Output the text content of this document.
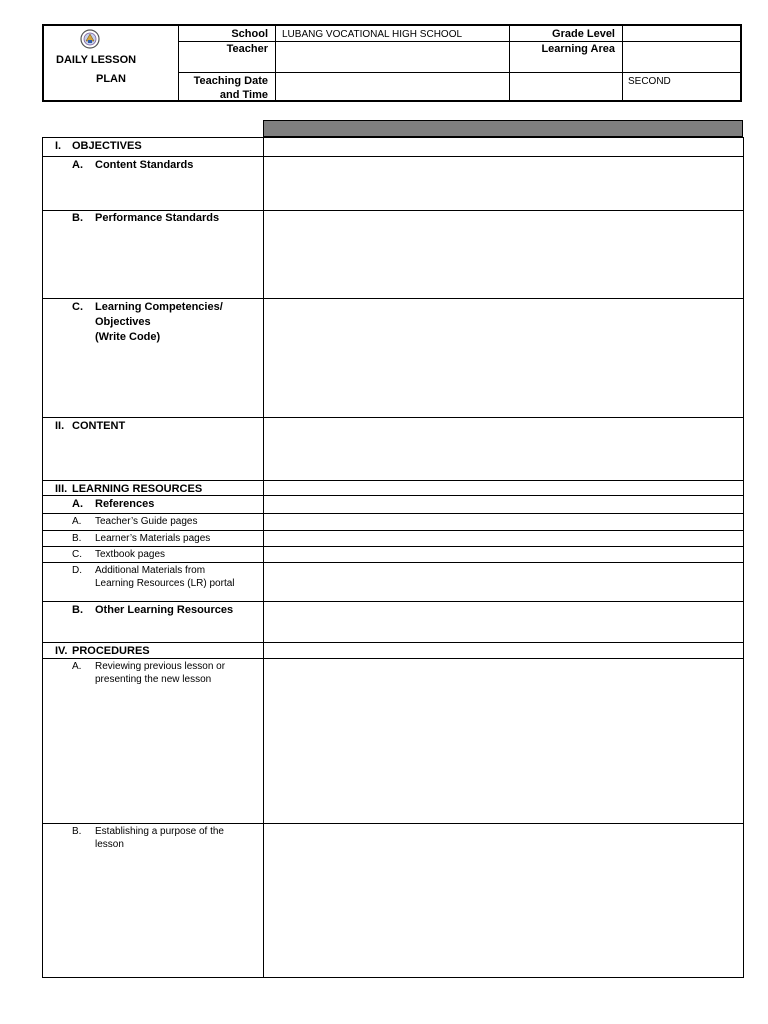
DAILY LESSON
PLAN
School LUBANG VOCATIONAL HIGH SCHOOL	Grade Level
Teacher	Learning Area
Teaching Date
and Time
SECOND
I. OBJECTIVES
A. Content Standards
B. Performance Standards
C. Learning Competencies/
Objectives
(Write Code)
II. CONTENT
III. LEARNING RESOURCES
A. References
A. Teacher’s Guide pages
B. Learner’s Materials pages
C. Textbook pages
D. Additional Materials from
Learning Resources (LR) portal
B. Other Learning Resources
IV. PROCEDURES
A. Reviewing previous lesson or
presenting the new lesson
B. Establishing a purpose of the
lesson
